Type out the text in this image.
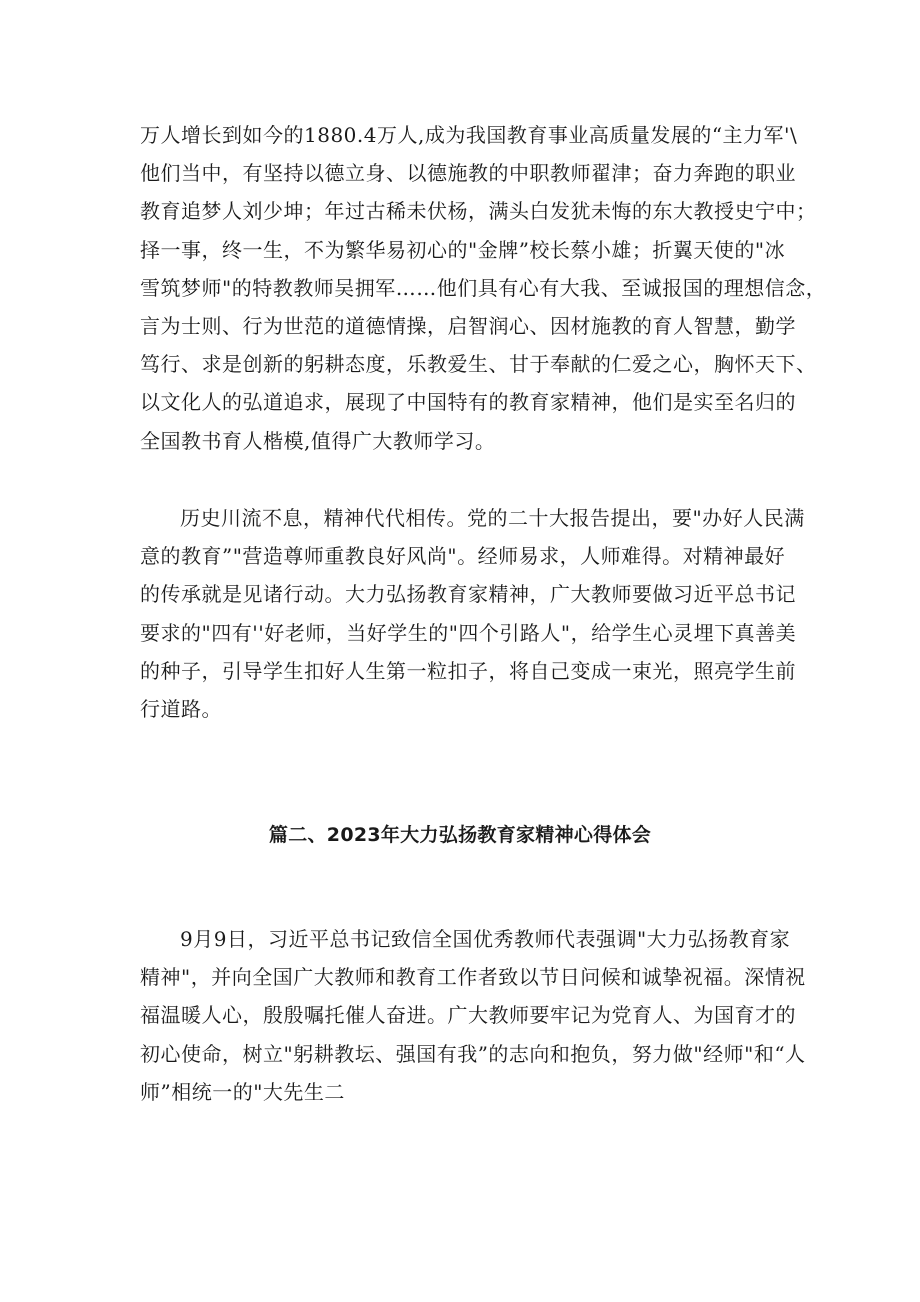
万人增长到如今的1880.4万人,成为我国教育事业高质量发展的“主力军'\
他们当中，有坚持以德立身、以德施教的中职教师翟津；奋力奔跑的职业
教育追梦人刘少坤；年过古稀未伏杨，满头白发犹未悔的东大教授史宁中；
择一事，终一生，不为繁华易初心的"金牌”校长蔡小雄；折翼天使的"冰
雪筑梦师"的特教教师吴拥军……他们具有心有大我、至诚报国的理想信念，
言为士则、行为世范的道德情操，启智润心、因材施教的育人智慧，勤学
笃行、求是创新的躬耕态度，乐教爱生、甘于奉献的仁爱之心，胸怀天下、
以文化人的弘道追求，展现了中国特有的教育家精神，他们是实至名归的
全国教书育人楷模,值得广大教师学习。
历史川流不息，精神代代相传。党的二十大报告提出，要"办好人民满
意的教育”"营造尊师重教良好风尚"。经师易求，人师难得。对精神最好
的传承就是见诸行动。大力弘扬教育家精神，广大教师要做习近平总书记
要求的"四有''好老师，当好学生的"四个引路人"，给学生心灵埋下真善美
的种子，引导学生扣好人生第一粒扣子，将自己变成一束光，照亮学生前
行道路。
篇二、2023年大力弘扬教育家精神心得体会
9月9日，习近平总书记致信全国优秀教师代表强调"大力弘扬教育家
精神"，并向全国广大教师和教育工作者致以节日问候和诚挚祝福。深情祝
福温暖人心，殷殷嘱托催人奋进。广大教师要牢记为党育人、为国育才的
初心使命，树立"躬耕教坛、强国有我”的志向和抱负，努力做"经师"和“人
师”相统一的"大先生二
